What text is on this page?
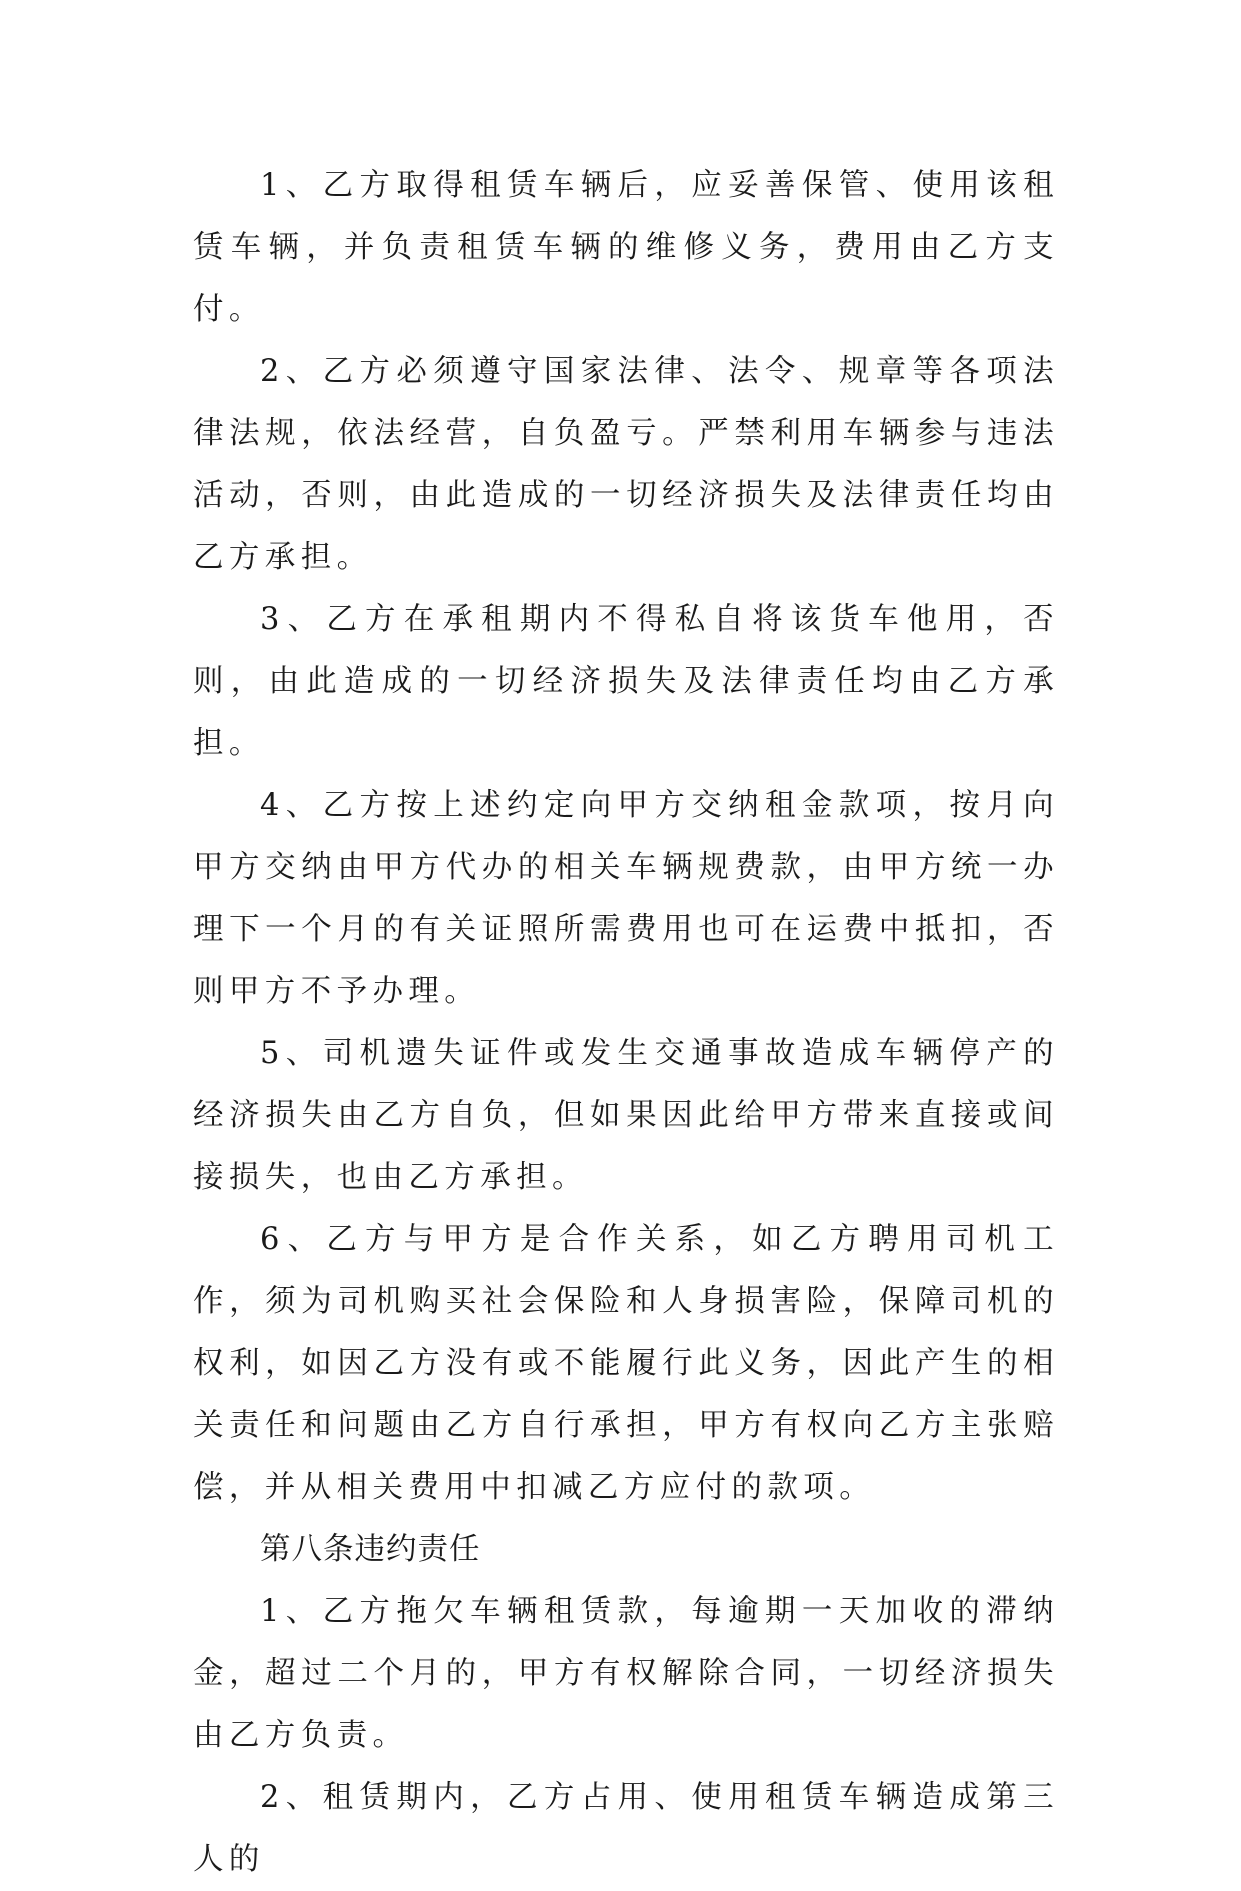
1、乙方取得租赁车辆后，应妥善保管、使用该租赁车辆，并负责租赁车辆的维修义务，费用由乙方支付。

2、乙方必须遵守国家法律、法令、规章等各项法律法规，依法经营，自负盈亏。严禁利用车辆参与违法活动，否则，由此造成的一切经济损失及法律责任均由乙方承担。

3、乙方在承租期内不得私自将该货车他用，否则，由此造成的一切经济损失及法律责任均由乙方承担。

4、乙方按上述约定向甲方交纳租金款项，按月向甲方交纳由甲方代办的相关车辆规费款，由甲方统一办理下一个月的有关证照所需费用也可在运费中抵扣，否则甲方不予办理。

5、司机遗失证件或发生交通事故造成车辆停产的经济损失由乙方自负，但如果因此给甲方带来直接或间接损失，也由乙方承担。

6、乙方与甲方是合作关系，如乙方聘用司机工作，须为司机购买社会保险和人身损害险，保障司机的权利，如因乙方没有或不能履行此义务，因此产生的相关责任和问题由乙方自行承担，甲方有权向乙方主张赔偿，并从相关费用中扣减乙方应付的款项。

第八条违约责任

1、乙方拖欠车辆租赁款，每逾期一天加收的滞纳金，超过二个月的，甲方有权解除合同，一切经济损失由乙方负责。

2、租赁期内，乙方占用、使用租赁车辆造成第三人的
